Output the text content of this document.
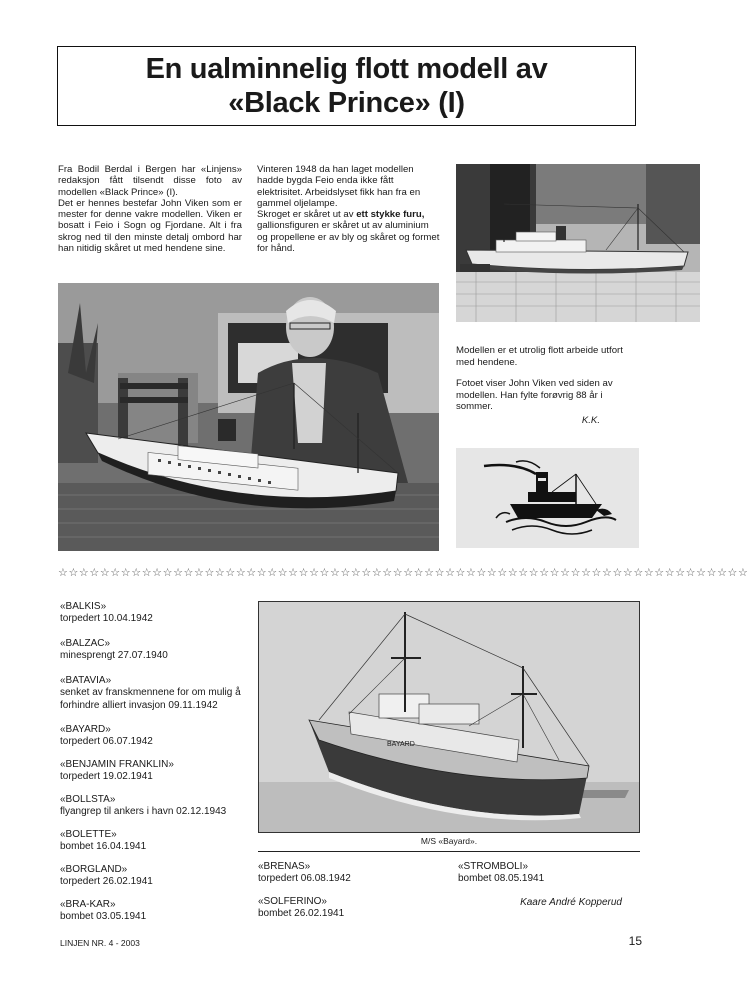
En ualminnelig flott modell av
«Black Prince» (I)

Fra Bodil Berdal i Bergen har «Linjens» redaksjon fått tilsendt disse foto av modellen «Black Prince» (I).

Det er hennes bestefar John Viken som er mester for denne vakre modellen. Viken er bosatt i Feio i Sogn og Fjordane. Alt i fra skrog ned til den minste detalj ombord har han nitidig skåret ut med hendene sine.

Vinteren 1948 da han laget modellen hadde bygda Feio enda ikke fått elektrisitet. Arbeidslyset fikk han fra en gammel oljelampe.

Skroget er skåret ut av ett stykke furu, gallionsfiguren er skåret ut av aluminium og propellene er av bly og skåret og formet for hånd.

Modellen er et utrolig flott arbeide utfort med hendene.
Fotoet viser John Viken ved siden av modellen. Han fylte forøvrig 88 år i sommer.
K.K.
☆☆☆☆☆☆☆☆☆☆☆☆☆☆☆☆☆☆☆☆☆☆☆☆☆☆☆☆☆☆☆☆☆☆☆☆☆☆☆☆☆☆☆☆☆☆☆☆☆☆☆☆☆☆☆☆☆☆☆☆☆☆☆☆☆☆
«BALKIS»
torpedert 10.04.1942
«BALZAC»
minesprengt 27.07.1940
«BATAVIA»
senket av franskmennene for om mulig å forhindre alliert invasjon 09.11.1942
«BAYARD»
torpedert 06.07.1942
«BENJAMIN FRANKLIN»
torpedert 19.02.1941
«BOLLSTA»
flyangrep til ankers i havn 02.12.1943
«BOLETTE»
bombet 16.04.1941
«BORGLAND»
torpedert 26.02.1941
«BRA-KAR»
bombet 03.05.1941
BAYARD
M/S «Bayard».
«BRENAS»
torpedert 06.08.1942
«SOLFERINO»
bombet 26.02.1941
«STROMBOLI»
bombet 08.05.1941
Kaare André Kopperud
LINJEN NR. 4 - 2003	15
